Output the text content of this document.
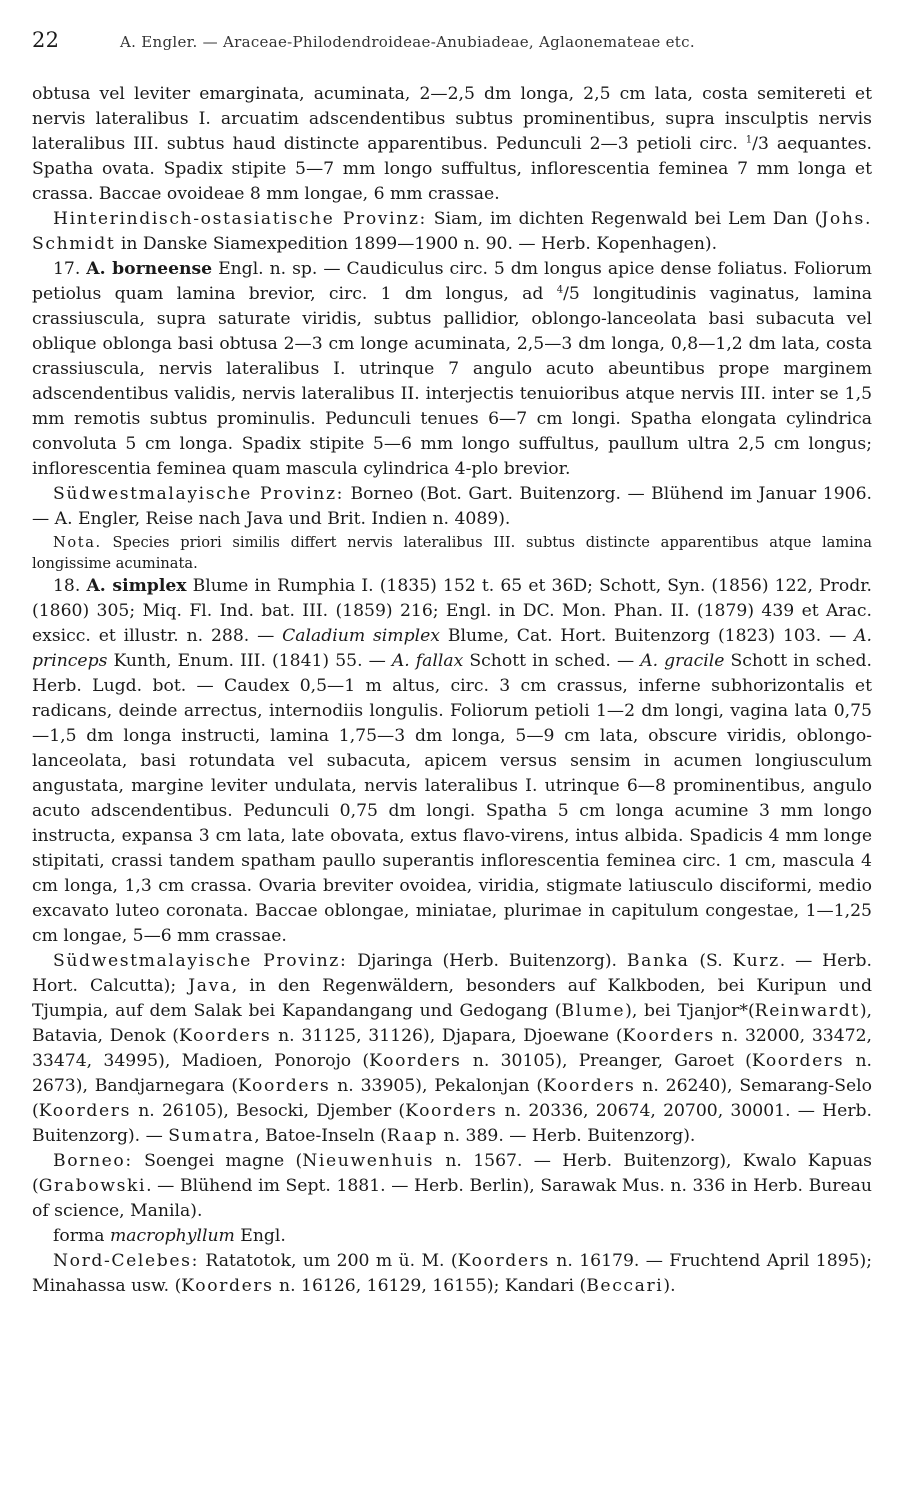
22	A. Engler. — Araceae-Philodendroideae-Anubiadeae, Aglaonemateae etc.

obtusa vel leviter emarginata, acuminata, 2—2,5 dm longa, 2,5 cm lata, costa semitereti et nervis lateralibus I. arcuatim adscendentibus subtus prominentibus, supra insculptis nervis lateralibus III. subtus haud distincte apparentibus. Pedunculi 2—3 petioli circ. $^1$/3 aequantes. Spatha ovata. Spadix stipite 5—7 mm longo suffultus, inflorescentia feminea 7 mm longa et crassa. Baccae ovoideae 8 mm longae, 6 mm crassae.

Hinterindisch-ostasiatische Provinz: Siam, im dichten Regenwald bei Lem Dan (Johs. Schmidt in Danske Siamexpedition 1899—1900 n. 90. — Herb. Kopenhagen).

17. A. borneense Engl. n. sp. — Caudiculus circ. 5 dm longus apice dense foliatus. Foliorum petiolus quam lamina brevior, circ. 1 dm longus, ad $^4$/5 longitudinis vaginatus, lamina crassiuscula, supra saturate viridis, subtus pallidior, oblongo-lanceolata basi subacuta vel oblique oblonga basi obtusa 2—3 cm longe acuminata, 2,5—3 dm longa, 0,8—1,2 dm lata, costa crassiuscula, nervis lateralibus I. utrinque 7 angulo acuto abeuntibus prope marginem adscendentibus validis, nervis lateralibus II. interjectis tenuioribus atque nervis III. inter se 1,5 mm remotis subtus prominulis. Pedunculi tenues 6—7 cm longi. Spatha elongata cylindrica convoluta 5 cm longa. Spadix stipite 5—6 mm longo suffultus, paullum ultra 2,5 cm longus; inflorescentia feminea quam mascula cylindrica 4-plo brevior.

Südwestmalayische Provinz: Borneo (Bot. Gart. Buitenzorg. — Blühend im Januar 1906. — A. Engler, Reise nach Java und Brit. Indien n. 4089).

Nota. Species priori similis differt nervis lateralibus III. subtus distincte apparentibus atque lamina longissime acuminata.

18. A. simplex Blume in Rumphia I. (1835) 152 t. 65 et 36D; Schott, Syn. (1856) 122, Prodr. (1860) 305; Miq. Fl. Ind. bat. III. (1859) 216; Engl. in DC. Mon. Phan. II. (1879) 439 et Arac. exsicc. et illustr. n. 288. — Caladium simplex Blume, Cat. Hort. Buitenzorg (1823) 103. — A. princeps Kunth, Enum. III. (1841) 55. — A. fallax Schott in sched. — A. gracile Schott in sched. Herb. Lugd. bot. — Caudex 0,5—1 m altus, circ. 3 cm crassus, inferne subhorizontalis et radicans, deinde arrectus, internodiis longulis. Foliorum petioli 1—2 dm longi, vagina lata 0,75—1,5 dm longa instructi, lamina 1,75—3 dm longa, 5—9 cm lata, obscure viridis, oblongo-lanceolata, basi rotundata vel subacuta, apicem versus sensim in acumen longiusculum angustata, margine leviter undulata, nervis lateralibus I. utrinque 6—8 prominentibus, angulo acuto adscendentibus. Pedunculi 0,75 dm longi. Spatha 5 cm longa acumine 3 mm longo instructa, expansa 3 cm lata, late obovata, extus flavo-virens, intus albida. Spadicis 4 mm longe stipitati, crassi tandem spatham paullo superantis inflorescentia feminea circ. 1 cm, mascula 4 cm longa, 1,3 cm crassa. Ovaria breviter ovoidea, viridia, stigmate latiusculo disciformi, medio excavato luteo coronata. Baccae oblongae, miniatae, plurimae in capitulum congestae, 1—1,25 cm longae, 5—6 mm crassae.

Südwestmalayische Provinz: Djaringa (Herb. Buitenzorg). Banka (S. Kurz. — Herb. Hort. Calcutta); Java, in den Regenwäldern, besonders auf Kalkboden, bei Kuripun und Tjumpia, auf dem Salak bei Kapandangang und Gedogang (Blume), bei Tjanjor*(Reinwardt), Batavia, Denok (Koorders n. 31125, 31126), Djapara, Djoewane (Koorders n. 32000, 33472, 33474, 34995), Madioen, Ponorojo (Koorders n. 30105), Preanger, Garoet (Koorders n. 2673), Bandjarnegara (Koorders n. 33905), Pekalonjan (Koorders n. 26240), Semarang-Selo (Koorders n. 26105), Besocki, Djember (Koorders n. 20336, 20674, 20700, 30001. — Herb. Buitenzorg). — Sumatra, Batoe-Inseln (Raap n. 389. — Herb. Buitenzorg).

Borneo: Soengei magne (Nieuwenhuis n. 1567. — Herb. Buitenzorg), Kwalo Kapuas (Grabowski. — Blühend im Sept. 1881. — Herb. Berlin), Sarawak Mus. n. 336 in Herb. Bureau of science, Manila).

forma macrophyllum Engl.

Nord-Celebes: Ratatotok, um 200 m ü. M. (Koorders n. 16179. — Fruchtend April 1895); Minahassa usw. (Koorders n. 16126, 16129, 16155); Kandari (Beccari).
